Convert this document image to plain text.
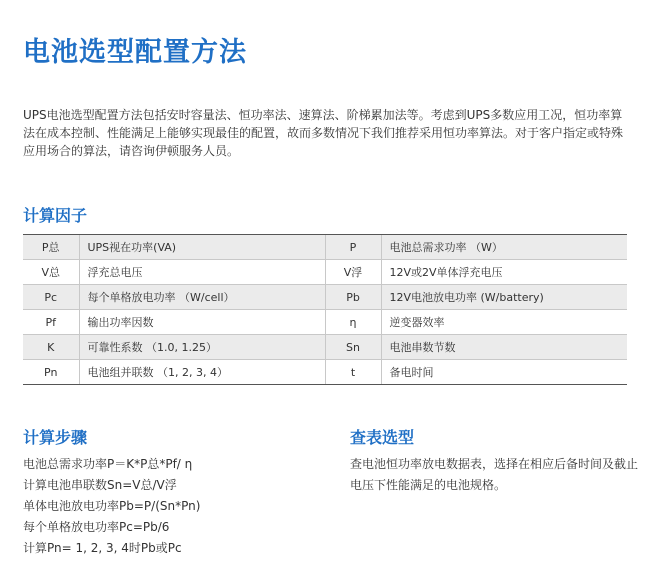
电池选型配置方法

UPS电池选型配置方法包括安时容量法、恒功率法、速算法、阶梯累加法等。考虑到UPS多数应用工况，恒功率算法在成本控制、性能满足上能够实现最佳的配置，故而多数情况下我们推荐采用恒功率算法。对于客户指定或特殊应用场合的算法，请咨询伊顿服务人员。

计算因子
P总	UPS视在功率(VA)	P	电池总需求功率 （W）
V总	浮充总电压	V浮	12V或2V单体浮充电压
Pc	每个单格放电功率 （W/cell）	Pb	12V电池放电功率 (W/battery)
Pf	输出功率因数	η	逆变器效率
K	可靠性系数 （1.0, 1.25）	Sn	电池串数节数
Pn	电池组并联数 （1, 2, 3, 4）	t	备电时间
计算步骤
电池总需求功率P＝K*P总*Pf/ η
计算电池串联数Sn=V总/V浮
单体电池放电功率Pb=P/(Sn*Pn)
每个单格放电功率Pc=Pb/6
计算Pn= 1, 2, 3, 4时Pb或Pc
查表选型

查电池恒功率放电数据表，选择在相应后备时间及截止电压下性能满足的电池规格。
